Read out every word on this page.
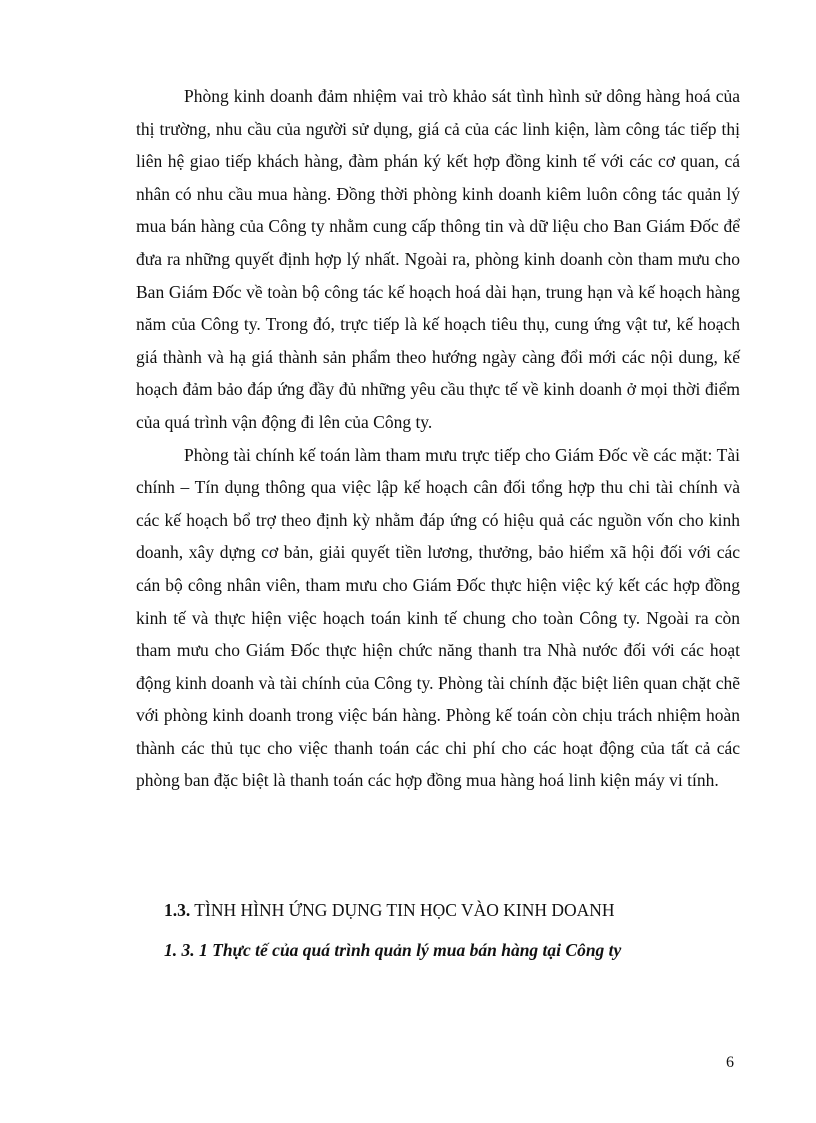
Phòng kinh doanh đảm nhiệm vai trò khảo sát tình hình sử dông hàng hoá của thị trường, nhu cầu của người sử dụng, giá cả của các linh kiện, làm công tác tiếp thị liên hệ giao tiếp khách hàng, đàm phán ký kết hợp đồng kinh tế với các cơ quan, cá nhân có nhu cầu mua hàng. Đồng thời phòng kinh doanh kiêm luôn công tác quản lý mua bán hàng của Công ty nhằm cung cấp thông tin và dữ liệu cho Ban Giám Đốc để đưa ra những quyết định hợp lý nhất. Ngoài ra, phòng kinh doanh còn tham mưu cho Ban Giám Đốc về toàn bộ công tác kế hoạch hoá dài hạn, trung hạn và kế hoạch hàng năm của Công ty. Trong đó, trực tiếp là kế hoạch tiêu thụ, cung ứng vật tư, kế hoạch giá thành và hạ giá thành sản phẩm theo hướng ngày càng đổi mới các nội dung, kế hoạch đảm bảo đáp ứng đầy đủ những yêu cầu thực tế về kinh doanh ở mọi thời điểm của quá trình vận động đi lên của Công ty.

Phòng tài chính kế toán làm tham mưu trực tiếp cho Giám Đốc về các mặt: Tài chính – Tín dụng thông qua việc lập kế hoạch cân đối tổng hợp thu chi tài chính và các kế hoạch bổ trợ theo định kỳ nhằm đáp ứng có hiệu quả các nguồn vốn cho kinh doanh, xây dựng cơ bản, giải quyết tiền lương, thưởng, bảo hiểm xã hội đối với các cán bộ công nhân viên, tham mưu cho Giám Đốc thực hiện việc ký kết các hợp đồng kinh tế và thực hiện việc hoạch toán kinh tế chung cho toàn Công ty. Ngoài ra còn tham mưu cho Giám Đốc thực hiện chức năng thanh tra Nhà nước đối với các hoạt động kinh doanh và tài chính của Công ty. Phòng tài chính đặc biệt liên quan chặt chẽ với phòng kinh doanh trong việc bán hàng. Phòng kế toán còn chịu trách nhiệm hoàn thành các thủ tục cho việc thanh toán các chi phí cho các hoạt động của tất cả các phòng ban đặc biệt là thanh toán các hợp đồng mua hàng hoá linh kiện máy vi tính.

1.3. TÌNH HÌNH ỨNG DỤNG TIN HỌC VÀO KINH DOANH
1. 3. 1 Thực tế của quá trình quản lý mua bán hàng tại Công ty
6
